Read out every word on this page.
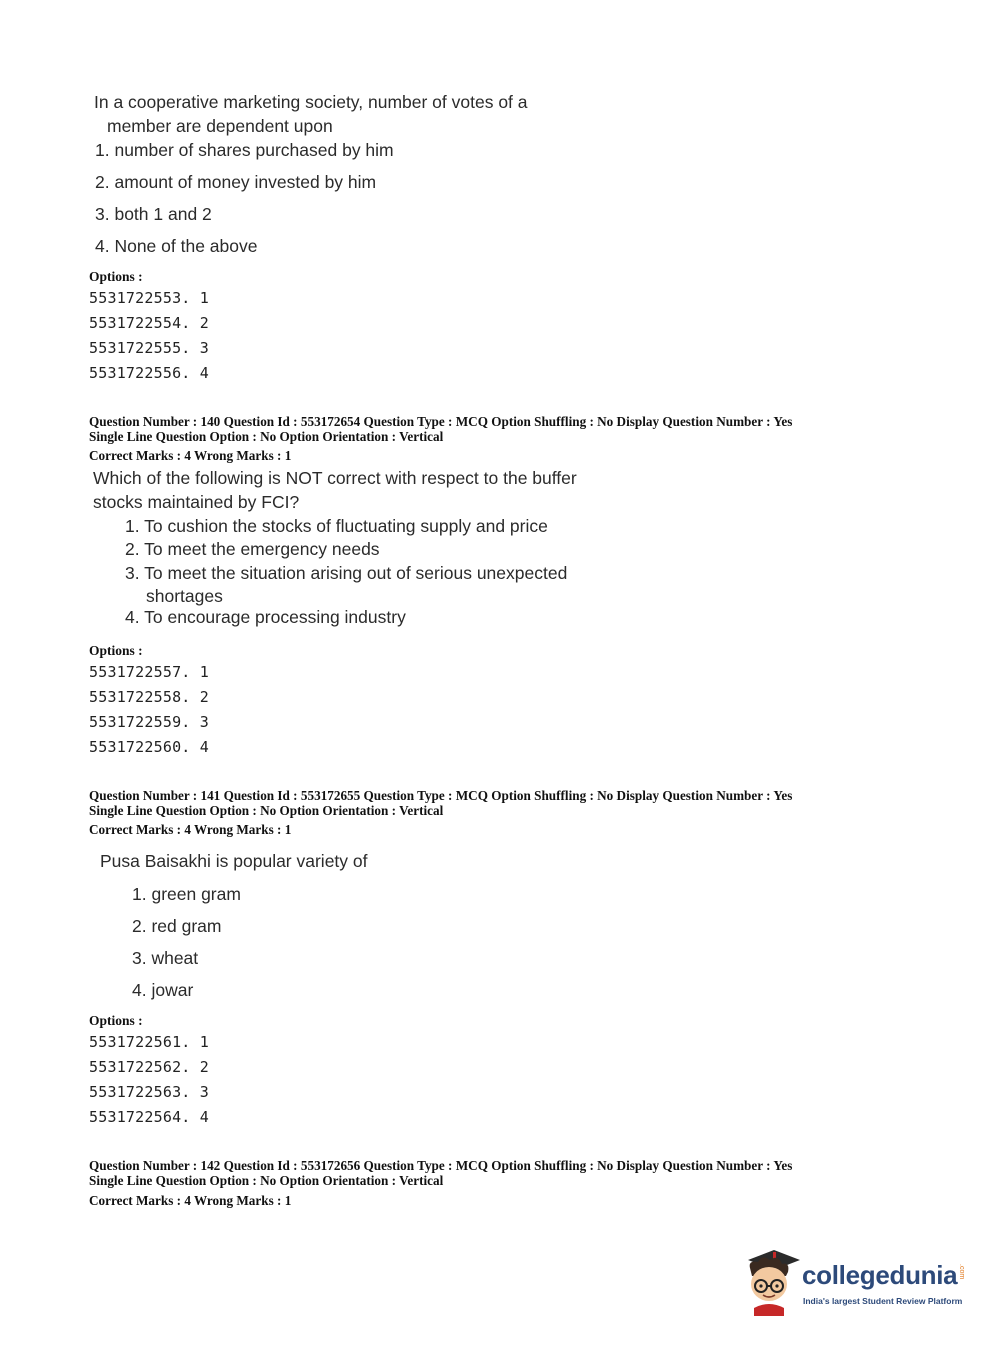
In a cooperative marketing society, number of votes of a
member are dependent upon
1. number of shares purchased by him
2. amount of money invested by him
3. both 1 and 2
4. None of the above
Options :
5531722553. 1
5531722554. 2
5531722555. 3
5531722556. 4
Question Number : 140 Question Id : 553172654 Question Type : MCQ Option Shuffling : No Display Question Number : Yes
Single Line Question Option : No Option Orientation : Vertical
Correct Marks : 4 Wrong Marks : 1
Which of the following is NOT correct with respect to the buffer
stocks maintained by FCI?
1. To cushion the stocks of fluctuating supply and price
2. To meet the emergency needs
3. To meet the situation arising out of serious unexpected
shortages
4. To encourage processing industry
Options :
5531722557. 1
5531722558. 2
5531722559. 3
5531722560. 4
Question Number : 141 Question Id : 553172655 Question Type : MCQ Option Shuffling : No Display Question Number : Yes
Single Line Question Option : No Option Orientation : Vertical
Correct Marks : 4 Wrong Marks : 1
Pusa Baisakhi is popular variety of
1. green gram
2. red gram
3. wheat
4. jowar
Options :
5531722561. 1
5531722562. 2
5531722563. 3
5531722564. 4
Question Number : 142 Question Id : 553172656 Question Type : MCQ Option Shuffling : No Display Question Number : Yes
Single Line Question Option : No Option Orientation : Vertical
Correct Marks : 4 Wrong Marks : 1
collegedunia .com
India's largest Student Review Platform
